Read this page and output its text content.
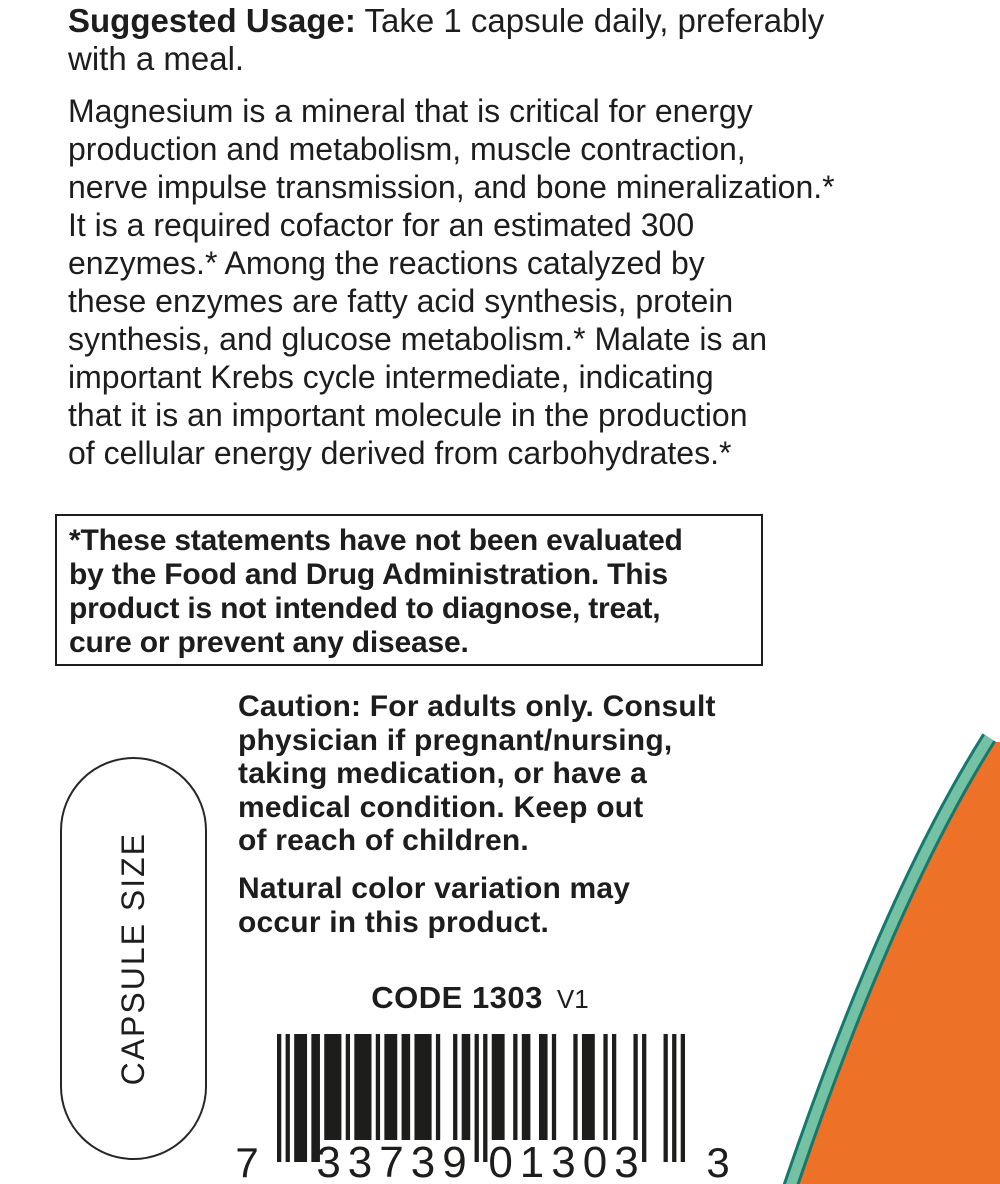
Suggested Usage: Take 1 capsule daily, preferably
with a meal.
Magnesium is a mineral that is critical for energy
production and metabolism, muscle contraction,
nerve impulse transmission, and bone mineralization.*
It is a required cofactor for an estimated 300
enzymes.* Among the reactions catalyzed by
these enzymes are fatty acid synthesis, protein
synthesis, and glucose metabolism.* Malate is an
important Krebs cycle intermediate, indicating
that it is an important molecule in the production
of cellular energy derived from carbohydrates.*
*These statements have not been evaluated
by the Food and Drug Administration. This
product is not intended to diagnose, treat,
cure or prevent any disease.
Caution: For adults only. Consult
physician if pregnant/nursing,
taking medication, or have a
medical condition. Keep out
of reach of children.
Natural color variation may
occur in this product.
CODE 1303 V1
CAPSULE SIZE
7 33739 01303 3
